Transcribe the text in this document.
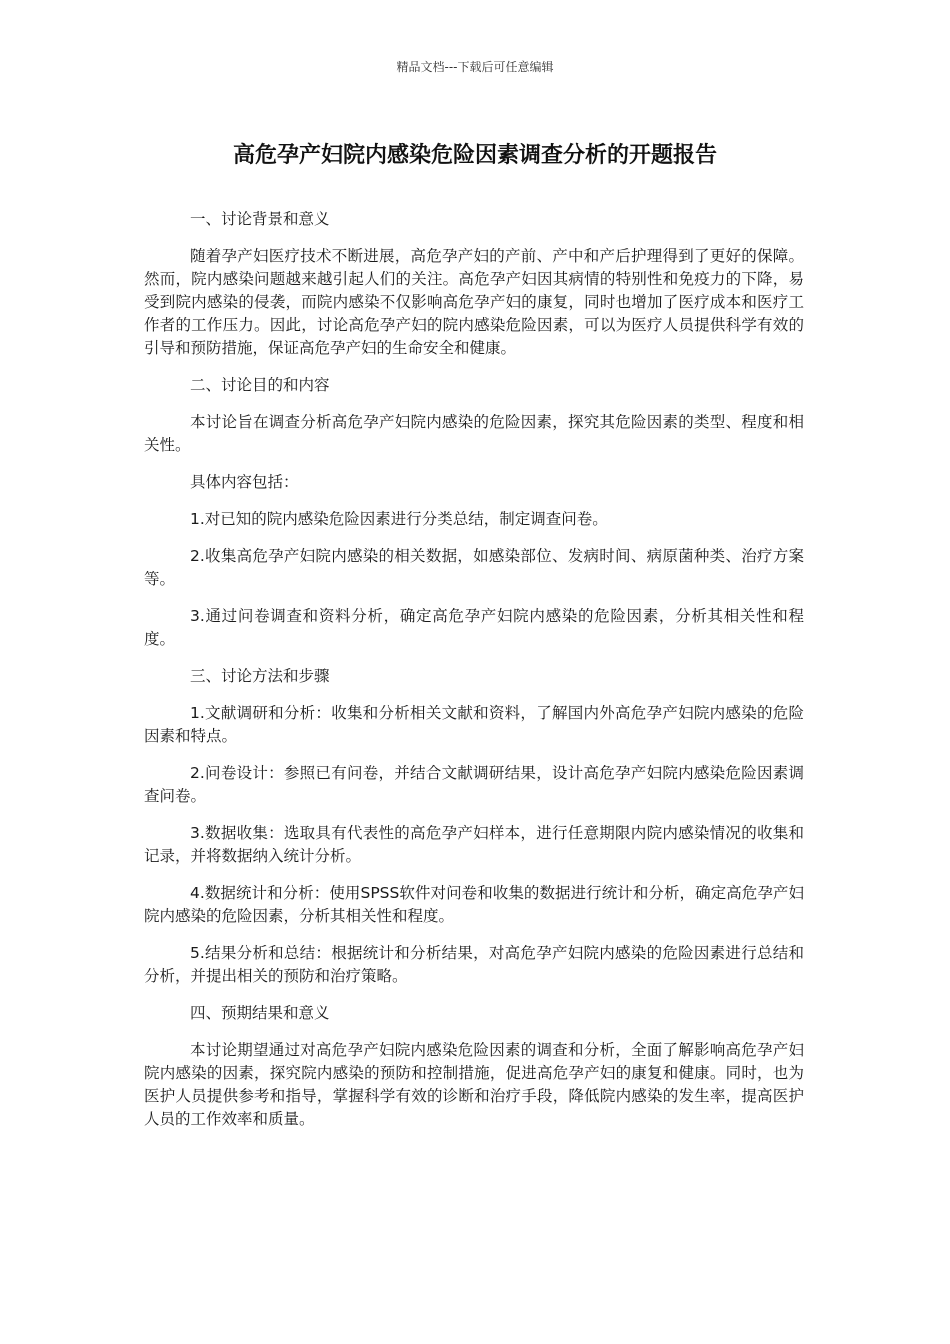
精品文档---下载后可任意编辑
高危孕产妇院内感染危险因素调查分析的开题报告

一、讨论背景和意义

随着孕产妇医疗技术不断进展，高危孕产妇的产前、产中和产后护理得到了更好的保障。然而，院内感染问题越来越引起人们的关注。高危孕产妇因其病情的特别性和免疫力的下降，易受到院内感染的侵袭，而院内感染不仅影响高危孕产妇的康复，同时也增加了医疗成本和医疗工作者的工作压力。因此，讨论高危孕产妇的院内感染危险因素，可以为医疗人员提供科学有效的引导和预防措施，保证高危孕产妇的生命安全和健康。

二、讨论目的和内容

本讨论旨在调查分析高危孕产妇院内感染的危险因素，探究其危险因素的类型、程度和相关性。

具体内容包括：

1.对已知的院内感染危险因素进行分类总结，制定调查问卷。

2.收集高危孕产妇院内感染的相关数据，如感染部位、发病时间、病原菌种类、治疗方案等。

3.通过问卷调查和资料分析，确定高危孕产妇院内感染的危险因素，分析其相关性和程度。

三、讨论方法和步骤

1.文献调研和分析：收集和分析相关文献和资料，了解国内外高危孕产妇院内感染的危险因素和特点。

2.问卷设计：参照已有问卷，并结合文献调研结果，设计高危孕产妇院内感染危险因素调查问卷。

3.数据收集：选取具有代表性的高危孕产妇样本，进行任意期限内院内感染情况的收集和记录，并将数据纳入统计分析。

4.数据统计和分析：使用SPSS软件对问卷和收集的数据进行统计和分析，确定高危孕产妇院内感染的危险因素，分析其相关性和程度。

5.结果分析和总结：根据统计和分析结果，对高危孕产妇院内感染的危险因素进行总结和分析，并提出相关的预防和治疗策略。

四、预期结果和意义

本讨论期望通过对高危孕产妇院内感染危险因素的调查和分析，全面了解影响高危孕产妇院内感染的因素，探究院内感染的预防和控制措施，促进高危孕产妇的康复和健康。同时，也为医护人员提供参考和指导，掌握科学有效的诊断和治疗手段，降低院内感染的发生率，提高医护人员的工作效率和质量。
